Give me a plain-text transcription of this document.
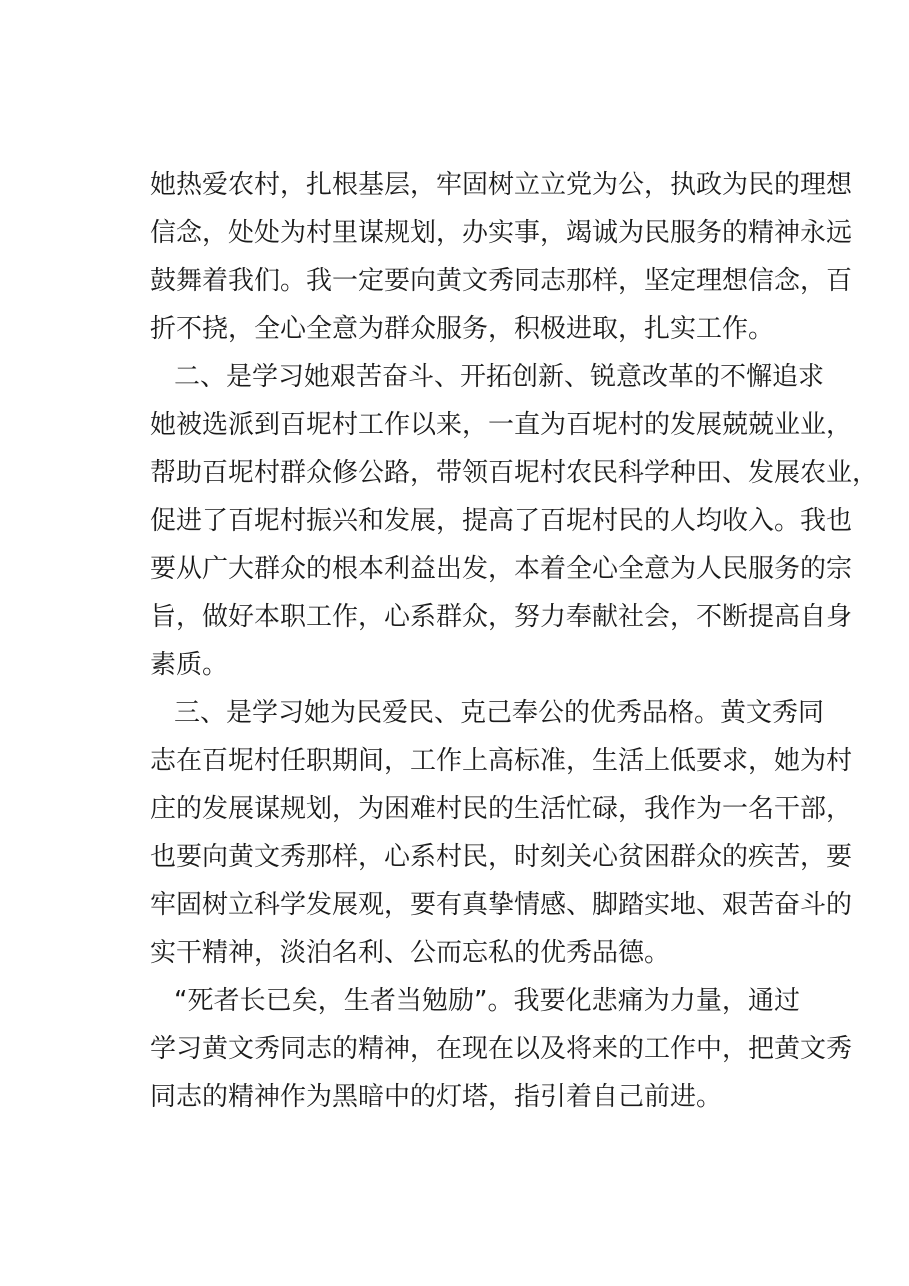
她热爱农村，扎根基层，牢固树立立党为公，执政为民的理想
信念，处处为村里谋规划，办实事，竭诚为民服务的精神永远
鼓舞着我们。我一定要向黄文秀同志那样，坚定理想信念，百
折不挠，全心全意为群众服务，积极进取，扎实工作。
二、是学习她艰苦奋斗、开拓创新、锐意改革的不懈追求
她被选派到百坭村工作以来，一直为百坭村的发展兢兢业业，
帮助百坭村群众修公路，带领百坭村农民科学种田、发展农业，
促进了百坭村振兴和发展，提高了百坭村民的人均收入。我也
要从广大群众的根本利益出发，本着全心全意为人民服务的宗
旨，做好本职工作，心系群众，努力奉献社会，不断提高自身
素质。
三、是学习她为民爱民、克己奉公的优秀品格。黄文秀同
志在百坭村任职期间，工作上高标准，生活上低要求，她为村
庄的发展谋规划，为困难村民的生活忙碌，我作为一名干部，
也要向黄文秀那样，心系村民，时刻关心贫困群众的疾苦，要
牢固树立科学发展观，要有真挚情感、脚踏实地、艰苦奋斗的
实干精神，淡泊名利、公而忘私的优秀品德。
“死者长已矣，生者当勉励”。我要化悲痛为力量，通过
学习黄文秀同志的精神，在现在以及将来的工作中，把黄文秀
同志的精神作为黑暗中的灯塔，指引着自己前进。
